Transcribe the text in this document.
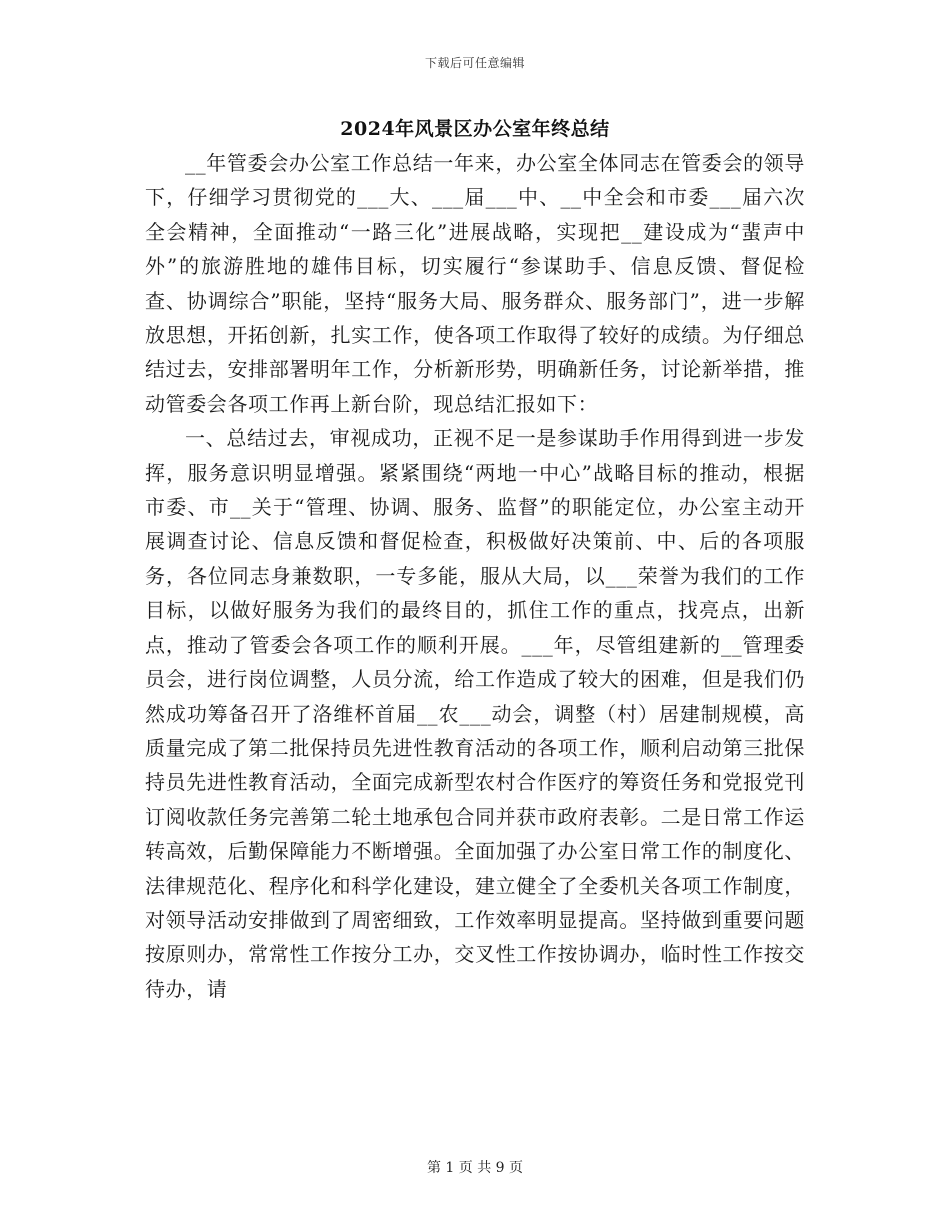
下载后可任意编辑
2024年风景区办公室年终总结

__年管委会办公室工作总结一年来，办公室全体同志在管委会的领导下，仔细学习贯彻党的___大、___届___中、__中全会和市委___届六次全会精神，全面推动“一路三化”进展战略，实现把__建设成为“蜚声中外”的旅游胜地的雄伟目标，切实履行“参谋助手、信息反馈、督促检查、协调综合”职能，坚持“服务大局、服务群众、服务部门”，进一步解放思想，开拓创新，扎实工作，使各项工作取得了较好的成绩。为仔细总结过去，安排部署明年工作，分析新形势，明确新任务，讨论新举措，推动管委会各项工作再上新台阶，现总结汇报如下：

一、总结过去，审视成功，正视不足一是参谋助手作用得到进一步发挥，服务意识明显增强。紧紧围绕“两地一中心”战略目标的推动，根据市委、市__关于“管理、协调、服务、监督”的职能定位，办公室主动开展调查讨论、信息反馈和督促检查，积极做好决策前、中、后的各项服务，各位同志身兼数职，一专多能，服从大局，以___荣誉为我们的工作目标，以做好服务为我们的最终目的，抓住工作的重点，找亮点，出新点，推动了管委会各项工作的顺利开展。___年，尽管组建新的__管理委员会，进行岗位调整，人员分流，给工作造成了较大的困难，但是我们仍然成功筹备召开了洛维杯首届__农___动会，调整（村）居建制规模，高质量完成了第二批保持员先进性教育活动的各项工作，顺利启动第三批保持员先进性教育活动，全面完成新型农村合作医疗的筹资任务和党报党刊订阅收款任务完善第二轮土地承包合同并获市政府表彰。二是日常工作运转高效，后勤保障能力不断增强。全面加强了办公室日常工作的制度化、法律规范化、程序化和科学化建设，建立健全了全委机关各项工作制度，对领导活动安排做到了周密细致，工作效率明显提高。坚持做到重要问题按原则办，常常性工作按分工办，交叉性工作按协调办，临时性工作按交待办，请

第 1 页 共 9 页
